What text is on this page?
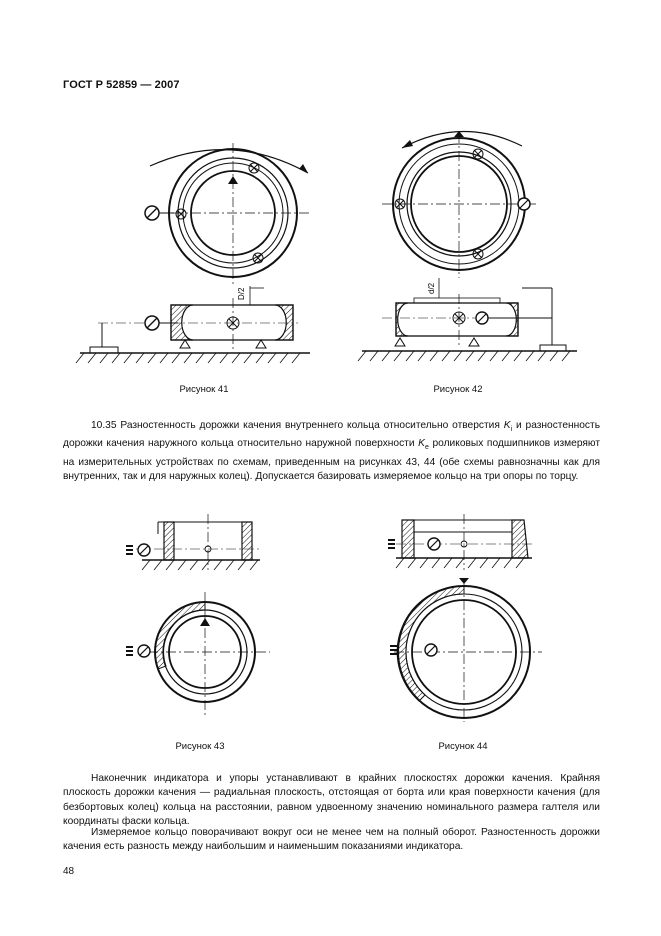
ГОСТ Р 52859 — 2007
D/2
Рисунок 41
d/2
Рисунок 42

10.35 Разностенность дорожки качения внутреннего кольца относительно отверстия $K_i$ и разностенность дорожки качения наружного кольца относительно наружной поверхности $K_e$ роликовых подшипников измеряют на измерительных устройствах по схемам, приведенным на рисунках 43, 44 (обе схемы равнозначны как для внутренних, так и для наружных колец). Допускается базировать измеряемое кольцо на три опоры по торцу.

Рисунок 43	Рисунок 44

Наконечник индикатора и упоры устанавливают в крайних плоскостях дорожки качения. Крайняя плоскость дорожки качения — радиальная плоскость, отстоящая от борта или края поверхности качения (для безбортовых колец) кольца на расстоянии, равном удвоенному значению номинального размера галтеля или координаты фаски кольца.

Измеряемое кольцо поворачивают вокруг оси не менее чем на полный оборот. Разностенность дорожки качения есть разность между наибольшим и наименьшим показаниями индикатора.

48
